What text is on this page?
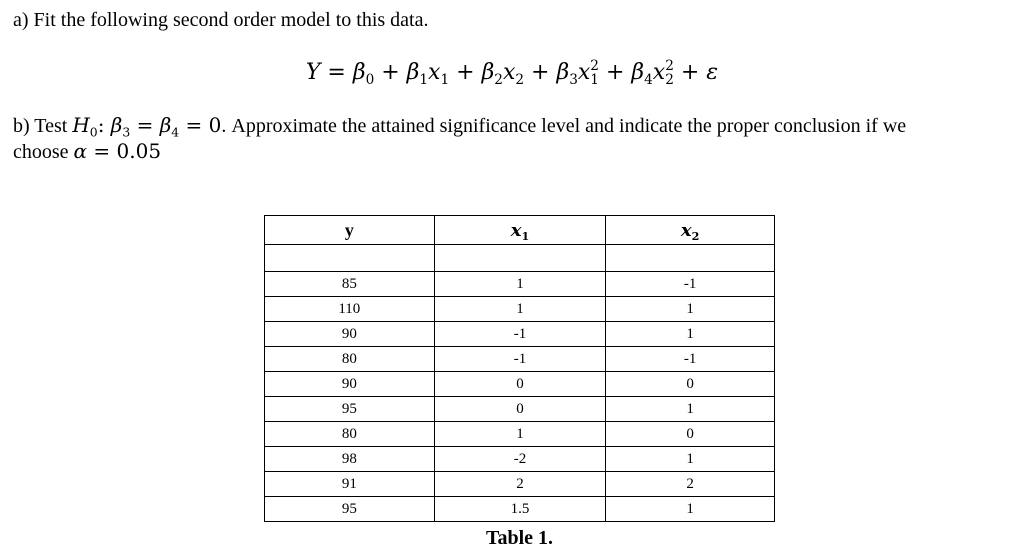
a) Fit the following second order model to this data.
$Y = \beta_0 + \beta_1x_1 + \beta_2x_2 + \beta_3x$ 2
$_1 + \beta_4x$ 2
$_2$ + ε
b) Test $H_0$: $\beta_3 = \beta_4 = 0$. Approximate the attained significance level and indicate the proper conclusion if we
choose α = 0.05
y	$x_1$	$x_2$

85	1	-1
110	1	1
90	-1	1
80	-1	-1
90	0	0
95	0	1
80	1	0
98	-2	1
91	2	2
95	1.5	1
Table 1.
